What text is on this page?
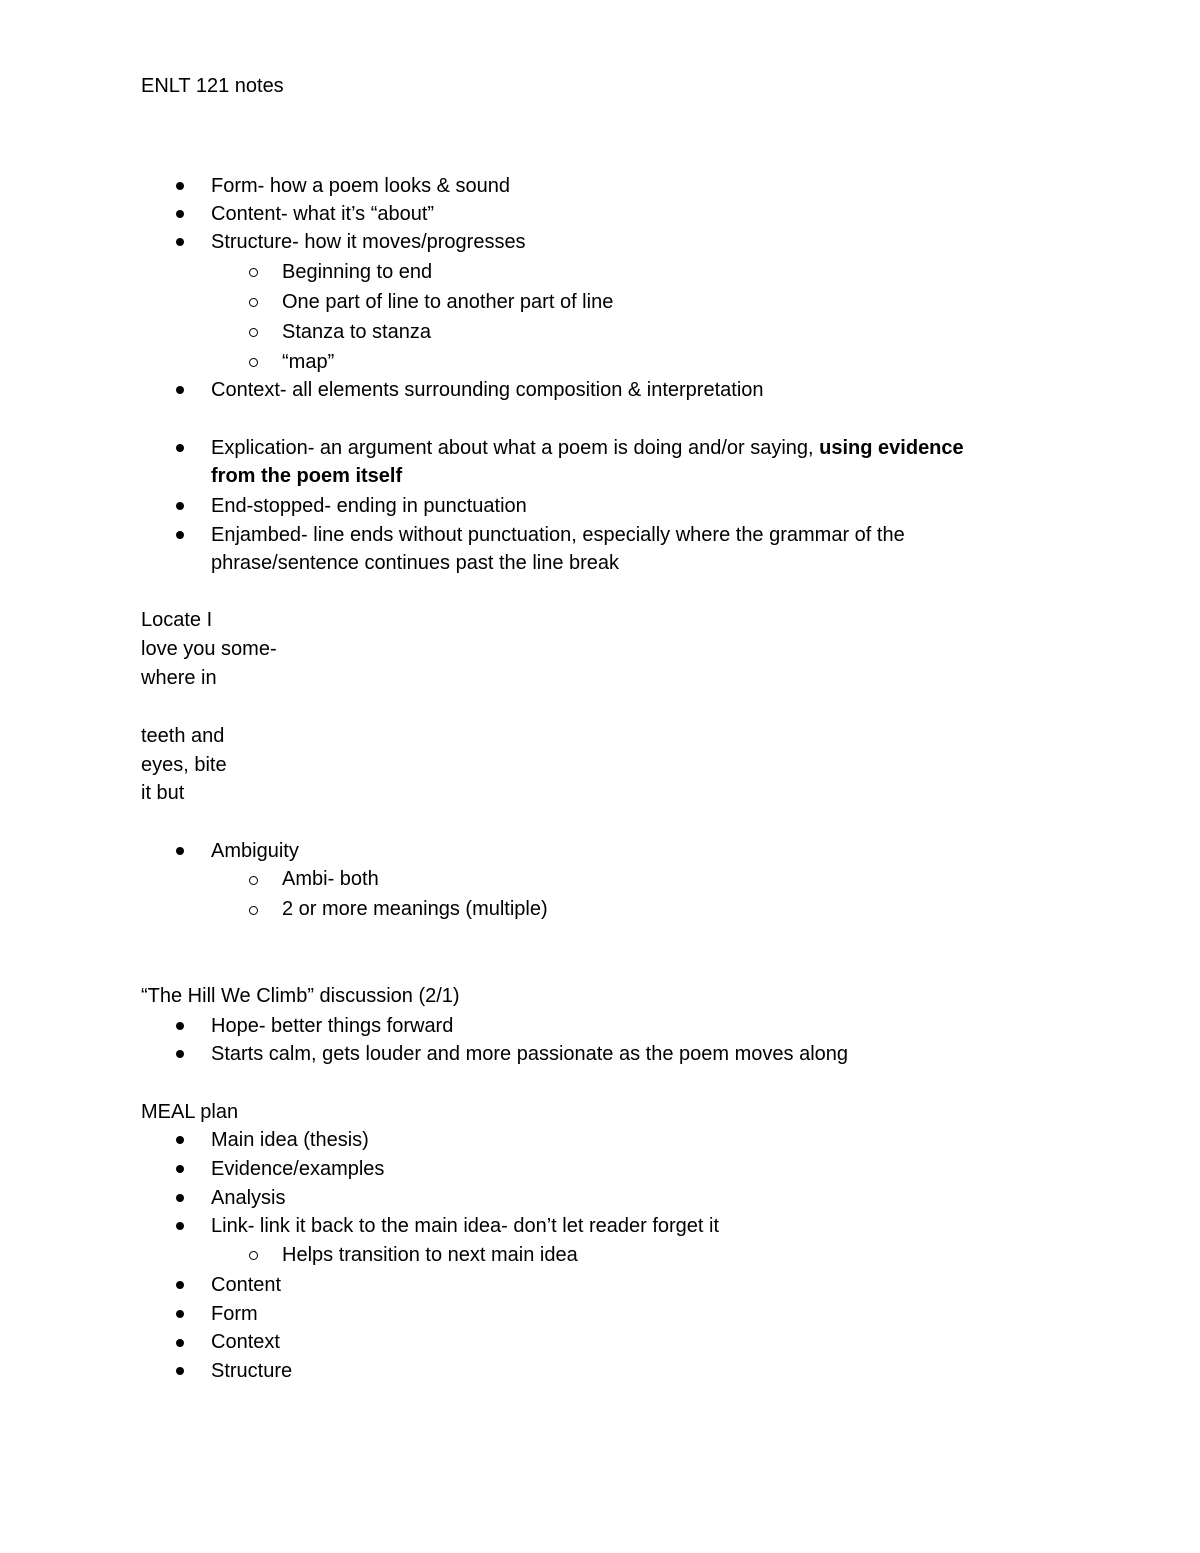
ENLT 121 notes
Form- how a poem looks & sound
Content- what it’s “about”
Structure- how it moves/progresses
Beginning to end
One part of line to another part of line
Stanza to stanza
“map”
Context- all elements surrounding composition & interpretation
Explication- an argument about what a poem is doing and/or saying, using evidence
from the poem itself
End-stopped- ending in punctuation
Enjambed- line ends without punctuation, especially where the grammar of the
phrase/sentence continues past the line break
Locate I
love you some-
where in
teeth and
eyes, bite
it but
Ambiguity
Ambi- both
2 or more meanings (multiple)
“The Hill We Climb” discussion (2/1)
Hope- better things forward
Starts calm, gets louder and more passionate as the poem moves along
MEAL plan
Main idea (thesis)
Evidence/examples
Analysis
Link- link it back to the main idea- don’t let reader forget it
Helps transition to next main idea
Content
Form
Context
Structure
